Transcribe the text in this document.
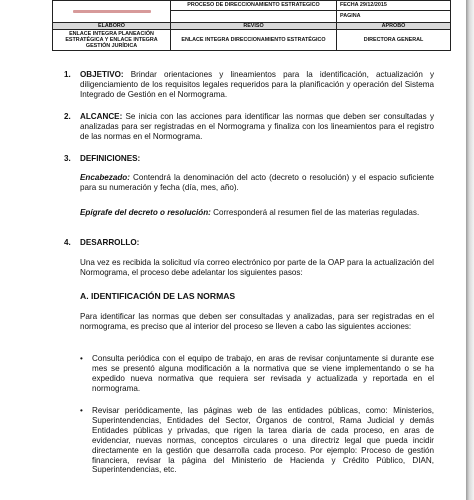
	PROCESO DE DIRECCIONAMIENTO ESTRATEGICO	FECHA 29/12/2015
		PAGINA
ELABORÓ	REVISÓ	APROBÓ
ENLACE INTEGRA PLANEACIÓN ESTRATÉGICA Y ENLACE INTEGRA GESTIÓN JURÍDICA	ENLACE INTEGRA DIRECCIONAMIENTO ESTRATÉGICO	DIRECTORA GENERAL
1.	OBJETIVO: Brindar orientaciones y lineamientos para la identificación, actualización y diligenciamiento de los requisitos legales requeridos para la planificación y operación del Sistema Integrado de Gestión en el Normograma.
2.	ALCANCE: Se inicia con las acciones para identificar las normas que deben ser consultadas y analizadas para ser registradas en el Normograma y finaliza con los lineamientos para el registro de las normas en el Normograma.
3.	DEFINICIONES:
Encabezado: Contendrá la denominación del acto (decreto o resolución) y el espacio suficiente para su numeración y fecha (día, mes, año).
Epígrafe del decreto o resolución: Corresponderá al resumen fiel de las materias reguladas.
4.	DESARROLLO:
Una vez es recibida la solicitud vía correo electrónico por parte de la OAP para la actualización del Normograma, el proceso debe adelantar los siguientes pasos:
A. IDENTIFICACIÓN DE LAS NORMAS
Para identificar las normas que deben ser consultadas y analizadas, para ser registradas en el normograma, es preciso que al interior del proceso se lleven a cabo las siguientes acciones:
• Consulta periódica con el equipo de trabajo, en aras de revisar conjuntamente si durante ese mes se presentó alguna modificación a la normativa que se viene implementando o se ha expedido nueva normativa que requiera ser revisada y actualizada y reportada en el normograma.
• Revisar periódicamente, las páginas web de las entidades públicas, como: Ministerios, Superintendencias, Entidades del Sector, Órganos de control, Rama Judicial y demás Entidades públicas y privadas, que rigen la tarea diaria de cada proceso, en aras de evidenciar, nuevas normas, conceptos circulares o una directriz legal que pueda incidir directamente en la gestión que desarrolla cada proceso. Por ejemplo: Proceso de gestión financiera, revisar la página del Ministerio de Hacienda y Crédito Público, DIAN, Superintendencias, etc.
